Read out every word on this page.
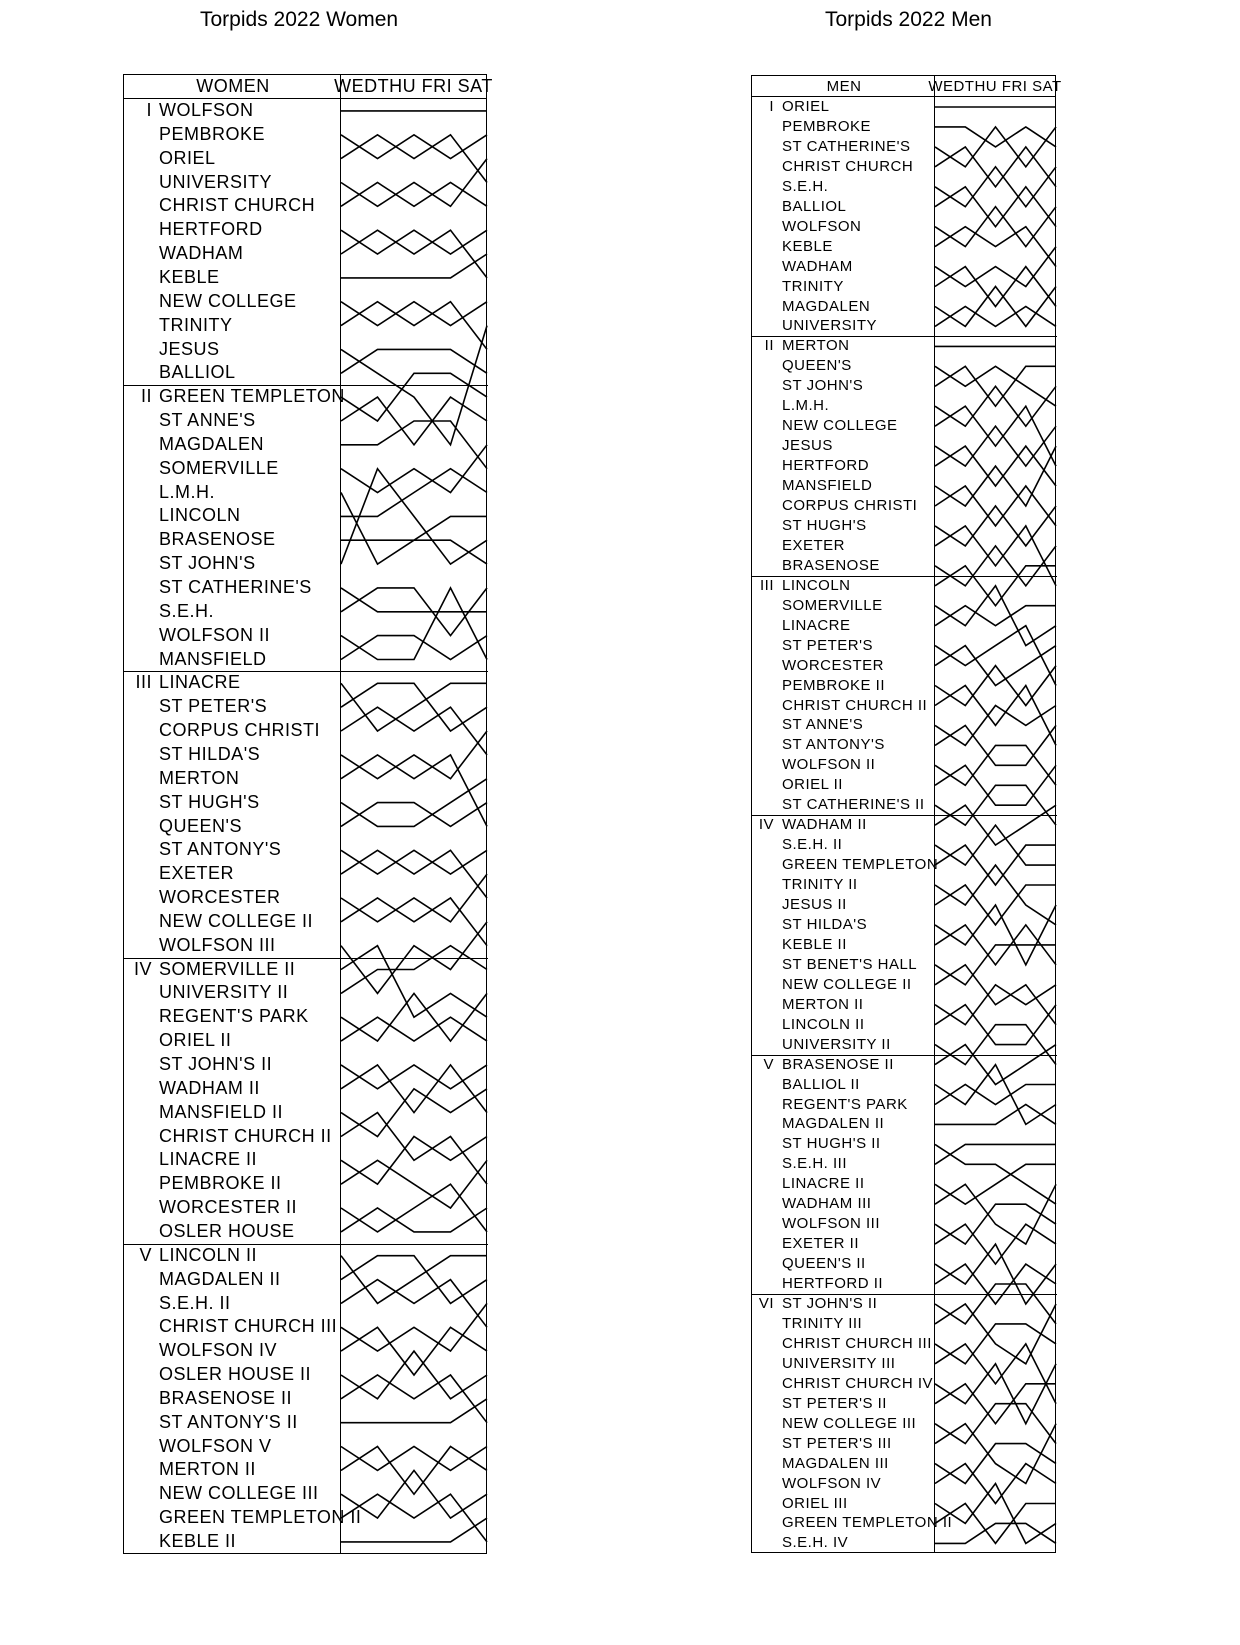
Torpids 2022 Women	Torpids 2022 Men
WOMEN	WEDTHU FRI SAT
I WOLFSON
PEMBROKE
ORIEL
UNIVERSITY
CHRIST CHURCH
HERTFORD
WADHAM
KEBLE
NEW COLLEGE
TRINITY
JESUS
BALLIOL
II GREEN TEMPLETON
ST ANNE'S
MAGDALEN
SOMERVILLE
L.M.H.
LINCOLN
BRASENOSE
ST JOHN'S
ST CATHERINE'S
S.E.H.
WOLFSON II
MANSFIELD
III LINACRE
ST PETER'S
CORPUS CHRISTI
ST HILDA'S
MERTON
ST HUGH'S
QUEEN'S
ST ANTONY'S
EXETER
WORCESTER
NEW COLLEGE II
WOLFSON III
IV SOMERVILLE II
UNIVERSITY II
REGENT'S PARK
ORIEL II
ST JOHN'S II
WADHAM II
MANSFIELD II
CHRIST CHURCH II
LINACRE II
PEMBROKE II
WORCESTER II
OSLER HOUSE
V LINCOLN II
MAGDALEN II
S.E.H. II
CHRIST CHURCH III
WOLFSON IV
OSLER HOUSE II
BRASENOSE II
ST ANTONY'S II
WOLFSON V
MERTON II
NEW COLLEGE III
GREEN TEMPLETON II
KEBLE II
MEN	WEDTHU FRI SAT
I ORIEL
PEMBROKE
ST CATHERINE'S
CHRIST CHURCH
S.E.H.
BALLIOL
WOLFSON
KEBLE
WADHAM
TRINITY
MAGDALEN
UNIVERSITY
II MERTON
QUEEN'S
ST JOHN'S
L.M.H.
NEW COLLEGE
JESUS
HERTFORD
MANSFIELD
CORPUS CHRISTI
ST HUGH'S
EXETER
BRASENOSE
III LINCOLN
SOMERVILLE
LINACRE
ST PETER'S
WORCESTER
PEMBROKE II
CHRIST CHURCH II
ST ANNE'S
ST ANTONY'S
WOLFSON II
ORIEL II
ST CATHERINE'S II
IV WADHAM II
S.E.H. II
GREEN TEMPLETON
TRINITY II
JESUS II
ST HILDA'S
KEBLE II
ST BENET'S HALL
NEW COLLEGE II
MERTON II
LINCOLN II
UNIVERSITY II
V BRASENOSE II
BALLIOL II
REGENT'S PARK
MAGDALEN II
ST HUGH'S II
S.E.H. III
LINACRE II
WADHAM III
WOLFSON III
EXETER II
QUEEN'S II
HERTFORD II
VI ST JOHN'S II
TRINITY III
CHRIST CHURCH III
UNIVERSITY III
CHRIST CHURCH IV
ST PETER'S II
NEW COLLEGE III
ST PETER'S III
MAGDALEN III
WOLFSON IV
ORIEL III
GREEN TEMPLETON II
S.E.H. IV
